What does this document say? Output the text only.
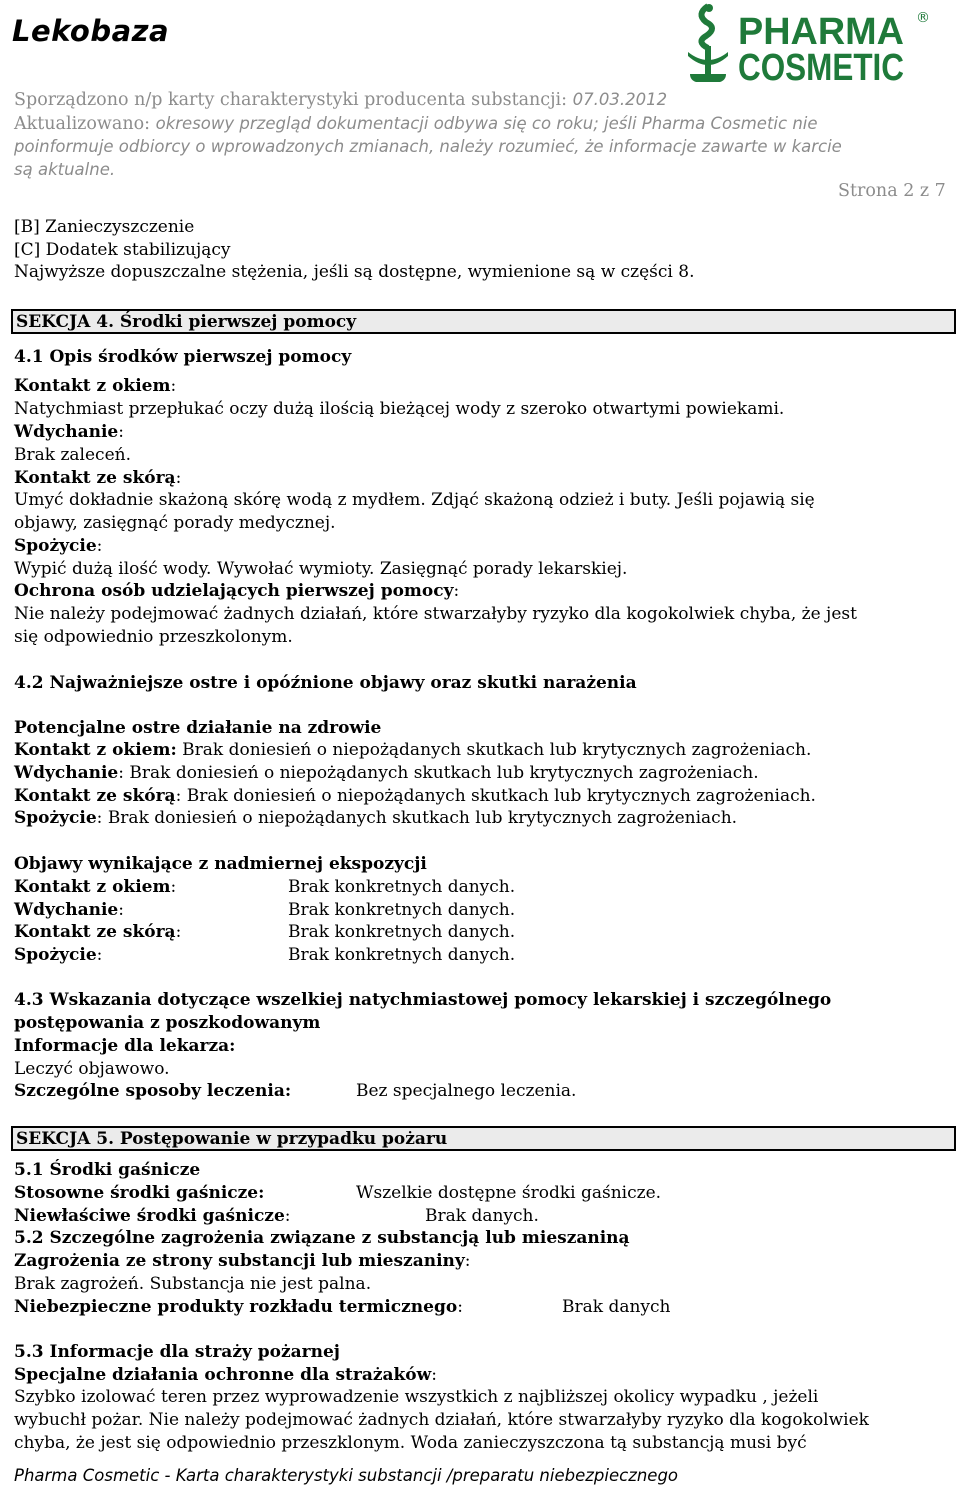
Lekobaza	PHARMA
COSMETIC
®
Sporządzono n/p karty charakterystyki producenta substancji: 07.03.2012
Aktualizowano: okresowy przegląd dokumentacji odbywa się co roku; jeśli Pharma Cosmetic nie
poinformuje odbiorcy o wprowadzonych zmianach, należy rozumieć, że informacje zawarte w karcie
są aktualne.
Strona 2 z 7
[B] Zanieczyszczenie
[C] Dodatek stabilizujący
Najwyższe dopuszczalne stężenia, jeśli są dostępne, wymienione są w części 8.
SEKCJA 4. Środki pierwszej pomocy
4.1 Opis środków pierwszej pomocy
Kontakt z okiem:
Natychmiast przepłukać oczy dużą ilością bieżącej wody z szeroko otwartymi powiekami.
Wdychanie:
Brak zaleceń.
Kontakt ze skórą:
Umyć dokładnie skażoną skórę wodą z mydłem. Zdjąć skażoną odzież i buty. Jeśli pojawią się
objawy, zasięgnąć porady medycznej.
Spożycie:
Wypić dużą ilość wody. Wywołać wymioty. Zasięgnąć porady lekarskiej.
Ochrona osób udzielających pierwszej pomocy:
Nie należy podejmować żadnych działań, które stwarzałyby ryzyko dla kogokolwiek chyba, że jest
się odpowiednio przeszkolonym.
4.2 Najważniejsze ostre i opóźnione objawy oraz skutki narażenia
Potencjalne ostre działanie na zdrowie
Kontakt z okiem: Brak doniesień o niepożądanych skutkach lub krytycznych zagrożeniach.
Wdychanie: Brak doniesień o niepożądanych skutkach lub krytycznych zagrożeniach.
Kontakt ze skórą: Brak doniesień o niepożądanych skutkach lub krytycznych zagrożeniach.
Spożycie: Brak doniesień o niepożądanych skutkach lub krytycznych zagrożeniach.
Objawy wynikające z nadmiernej ekspozycji
Kontakt z okiem:	Brak konkretnych danych.
Wdychanie:	Brak konkretnych danych.
Kontakt ze skórą:	Brak konkretnych danych.
Spożycie:	Brak konkretnych danych.
4.3 Wskazania dotyczące wszelkiej natychmiastowej pomocy lekarskiej i szczególnego
postępowania z poszkodowanym
Informacje dla lekarza:
Leczyć objawowo.
Szczególne sposoby leczenia:	Bez specjalnego leczenia.
SEKCJA 5. Postępowanie w przypadku pożaru
5.1 Środki gaśnicze
Stosowne środki gaśnicze:	Wszelkie dostępne środki gaśnicze.
Niewłaściwe środki gaśnicze:	Brak danych.
5.2 Szczególne zagrożenia związane z substancją lub mieszaniną
Zagrożenia ze strony substancji lub mieszaniny:
Brak zagrożeń. Substancja nie jest palna.
Niebezpieczne produkty rozkładu termicznego:	Brak danych
5.3 Informacje dla straży pożarnej
Specjalne działania ochronne dla strażaków:
Szybko izolować teren przez wyprowadzenie wszystkich z najbliższej okolicy wypadku , jeżeli
wybuchł pożar. Nie należy podejmować żadnych działań, które stwarzałyby ryzyko dla kogokolwiek
chyba, że jest się odpowiednio przeszklonym. Woda zanieczyszczona tą substancją musi być
Pharma Cosmetic - Karta charakterystyki substancji /preparatu niebezpiecznego
